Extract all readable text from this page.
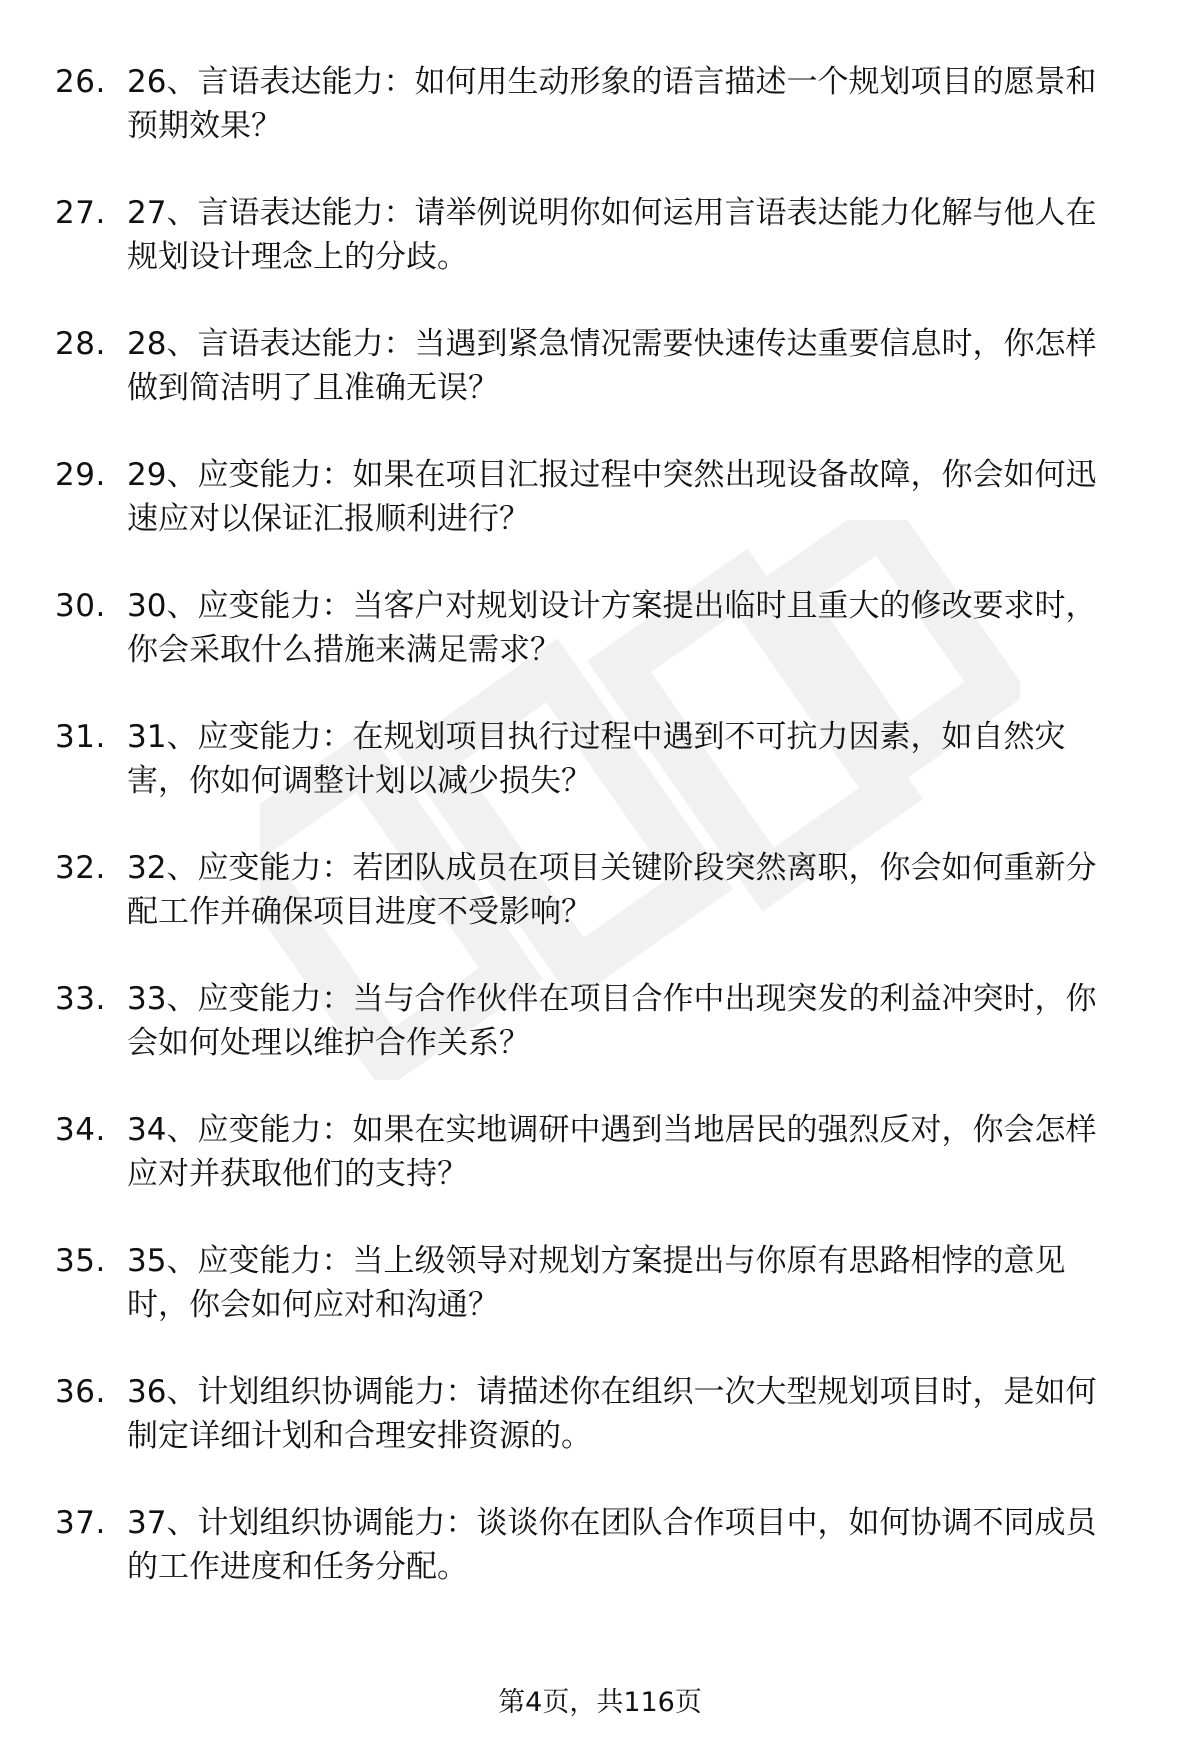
26. 26、言语表达能力：如何用生动形象的语言描述一个规划项目的愿景和预期效果？
27. 27、言语表达能力：请举例说明你如何运用言语表达能力化解与他人在规划设计理念上的分歧。
28. 28、言语表达能力：当遇到紧急情况需要快速传达重要信息时，你怎样做到简洁明了且准确无误？
29. 29、应变能力：如果在项目汇报过程中突然出现设备故障，你会如何迅速应对以保证汇报顺利进行？
30. 30、应变能力：当客户对规划设计方案提出临时且重大的修改要求时，你会采取什么措施来满足需求？
31. 31、应变能力：在规划项目执行过程中遇到不可抗力因素，如自然灾害，你如何调整计划以减少损失？
32. 32、应变能力：若团队成员在项目关键阶段突然离职，你会如何重新分配工作并确保项目进度不受影响？
33. 33、应变能力：当与合作伙伴在项目合作中出现突发的利益冲突时，你会如何处理以维护合作关系？
34. 34、应变能力：如果在实地调研中遇到当地居民的强烈反对，你会怎样应对并获取他们的支持？
35. 35、应变能力：当上级领导对规划方案提出与你原有思路相悖的意见时，你会如何应对和沟通？
36. 36、计划组织协调能力：请描述你在组织一次大型规划项目时，是如何制定详细计划和合理安排资源的。
37. 37、计划组织协调能力：谈谈你在团队合作项目中，如何协调不同成员的工作进度和任务分配。
第4页，共116页
